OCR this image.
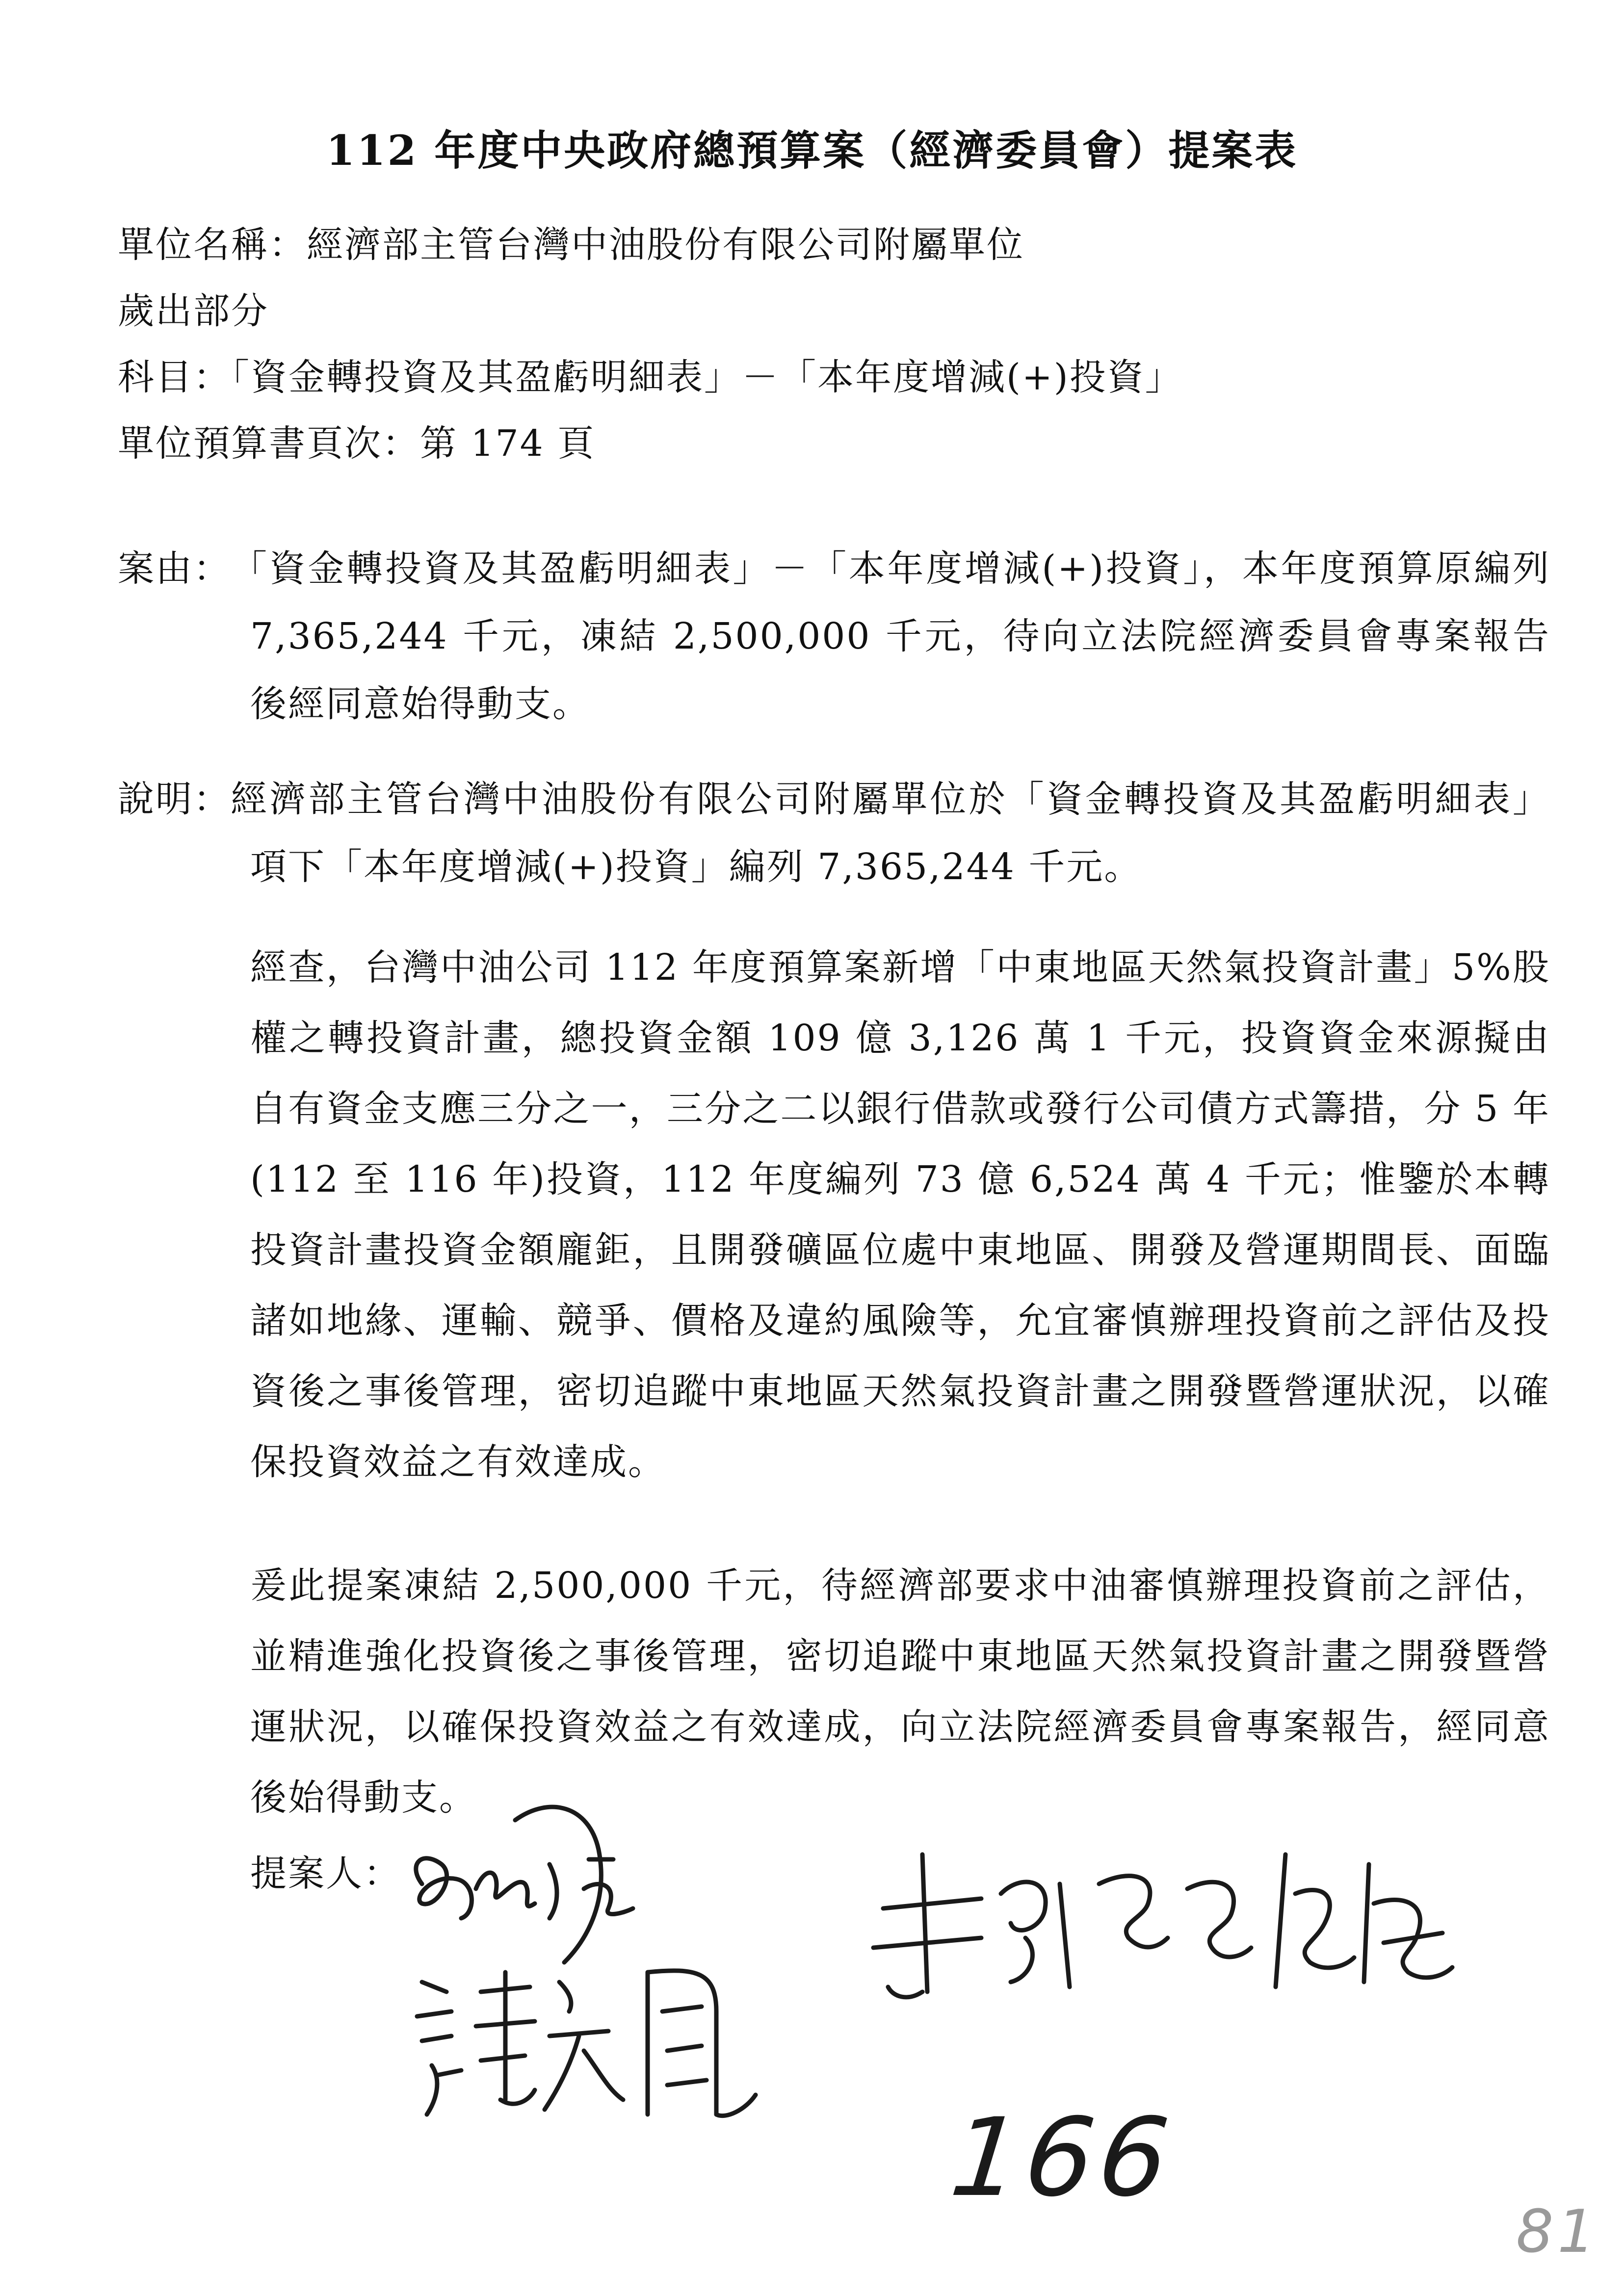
112 年度中央政府總預算案（經濟委員會）提案表
單位名稱：經濟部主管台灣中油股份有限公司附屬單位
歲出部分
科目：「資金轉投資及其盈虧明細表」－「本年度增減(+)投資」
單位預算書頁次：第 174 頁
案由： 「資金轉投資及其盈虧明細表」－「本年度增減(+)投資」，本年度預算原編列 7,365,244 千元，凍結 2,500,000 千元，待向立法院經濟委員會專案報告後經同意始得動支。
說明： 經濟部主管台灣中油股份有限公司附屬單位於「資金轉投資及其盈虧明細表」項下「本年度增減(+)投資」編列 7,365,244 千元。
經查，台灣中油公司 112 年度預算案新增「中東地區天然氣投資計畫」5%股權之轉投資計畫，總投資金額 109 億 3,126 萬 1 千元，投資資金來源擬由自有資金支應三分之一，三分之二以銀行借款或發行公司債方式籌措，分 5 年(112 至 116 年)投資，112 年度編列 73 億 6,524 萬 4 千元；惟鑒於本轉投資計畫投資金額龐鉅，且開發礦區位處中東地區、開發及營運期間長、面臨諸如地緣、運輸、競爭、價格及違約風險等，允宜審慎辦理投資前之評估及投資後之事後管理，密切追蹤中東地區天然氣投資計畫之開發暨營運狀況，以確保投資效益之有效達成。
爰此提案凍結 2,500,000 千元，待經濟部要求中油審慎辦理投資前之評估，並精進強化投資後之事後管理，密切追蹤中東地區天然氣投資計畫之開發暨營運狀況，以確保投資效益之有效達成，向立法院經濟委員會專案報告，經同意後始得動支。
提案人：
166
81
